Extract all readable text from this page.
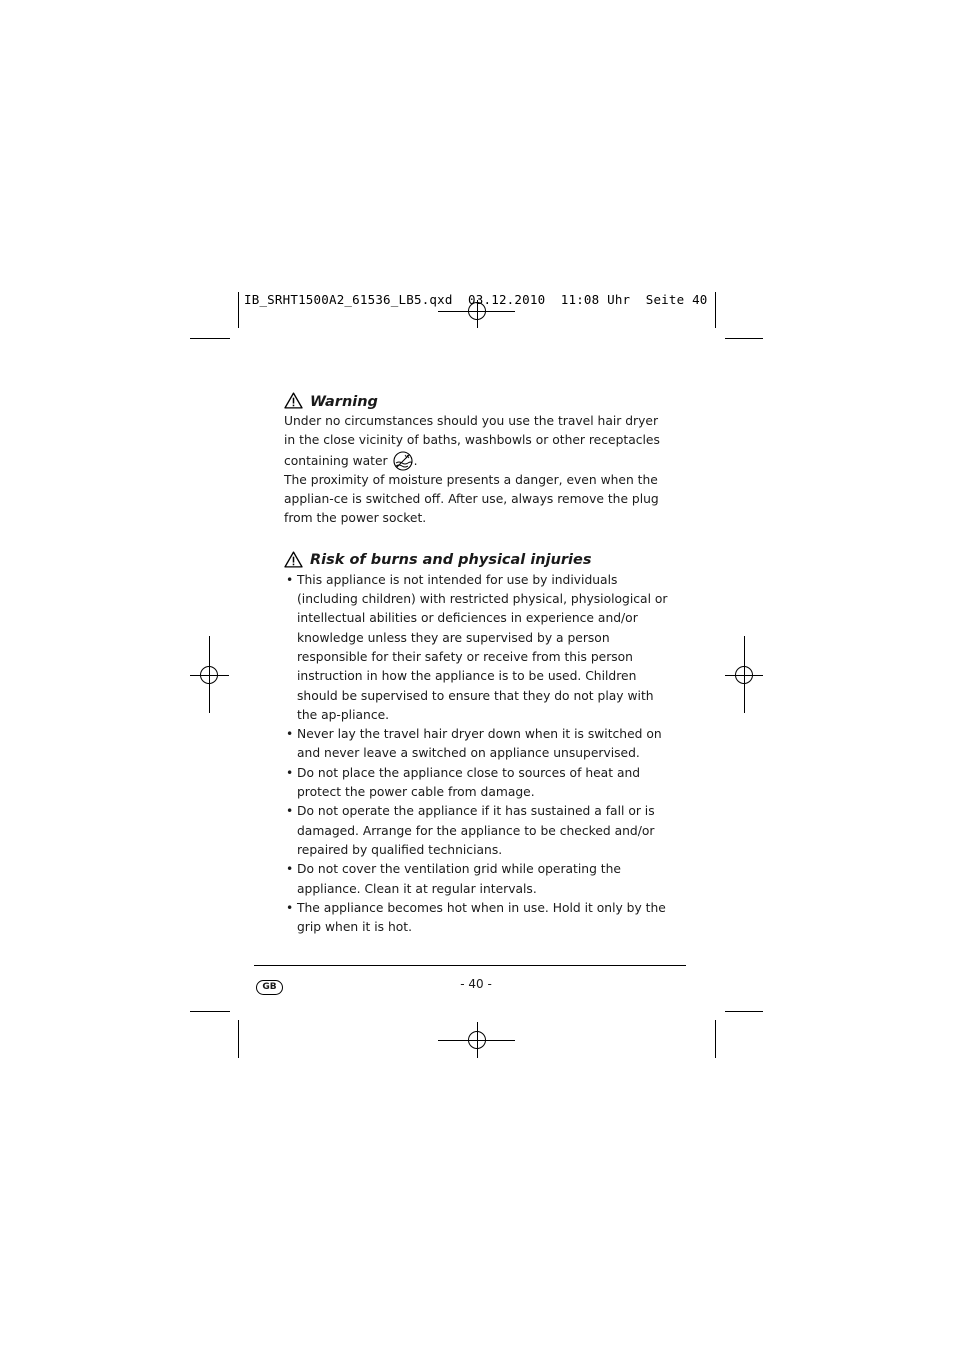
IB_SRHT1500A2_61536_LB5.qxd  03.12.2010  11:08 Uhr  Seite 40
Warning

Under no circumstances should you use the travel hair dryer in the close vicinity of baths, washbowls or other receptacles containing water .

The proximity of moisture presents a danger, even when the applian-ce is switched off. After use, always remove the plug from the power socket.

Risk of burns and physical injuries
• This appliance is not intended for use by individuals (including children) with restricted physical, physiological or intellectual abilities or deficiences in experience and/or knowledge unless they are supervised by a person responsible for their safety or receive from this person instruction in how the appliance is to be used. Children should be supervised to ensure that they do not play with the ap-pliance.
• Never lay the travel hair dryer down when it is switched on and never leave a switched on appliance unsupervised.
• Do not place the appliance close to sources of heat and protect the power cable from damage.
• Do not operate the appliance if it has sustained a fall or is damaged. Arrange for the appliance to be checked and/or repaired by qualified technicians.
• Do not cover the ventilation grid while operating the appliance. Clean it at regular intervals.
• The appliance becomes hot when in use. Hold it only by the grip when it is hot.
GB	- 40 -
